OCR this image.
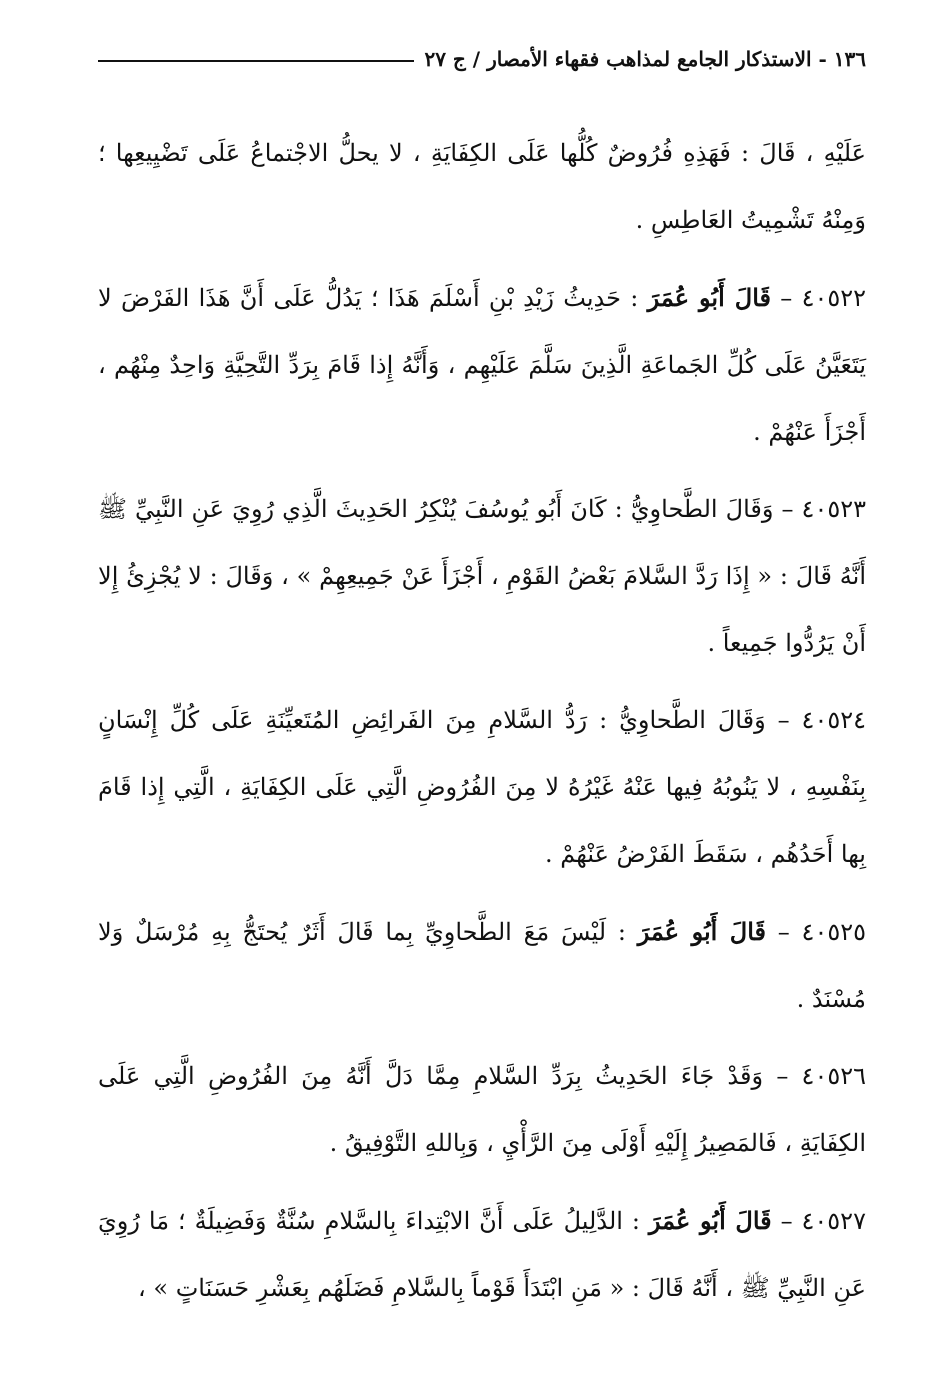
١٣٦ - الاستذكار الجامع لمذاهب فقهاء الأمصار / ج ٢٧

عَلَيْهِ ، قَالَ : فَهَذِهِ فُرُوضٌ كُلُّها عَلَى الكِفَايَةِ ، لا يحلُّ الاجْتماعُ عَلَى تَضْيِيعِها ؛ وَمِنْهُ تَشْمِيتُ العَاطِسِ .

٤٠٥٢٢ – قَالَ أَبُو عُمَرَ : حَدِيثُ زَيْدِ بْنِ أَسْلَمَ هَذَا ؛ يَدُلُّ عَلَى أَنَّ هَذَا الفَرْضَ لا يَتَعَيَّنُ عَلَى كُلِّ الجَماعَةِ الَّذِينَ سَلَّمَ عَلَيْهِم ، وَأَنَّهُ إِذا قَامَ بِرَدِّ التَّحِيَّةِ وَاحِدٌ مِنْهُم ، أَجْزَأَ عَنْهُمْ .

٤٠٥٢٣ – وَقَالَ الطَّحاوِيُّ : كَانَ أَبُو يُوسُفَ يُنْكِرُ الحَدِيثَ الَّذِي رُوِيَ عَنِ النَّبِيِّ ﷺ أَنَّهُ قَالَ : « إِذَا رَدَّ السَّلامَ بَعْضُ القَوْمِ ، أَجْزَأَ عَنْ جَمِيعِهِمْ » ، وَقَالَ : لا يُجْزِئُ إِلا أَنْ يَرُدُّوا جَمِيعاً .

٤٠٥٢٤ – وَقَالَ الطَّحاوِيُّ : رَدُّ السَّلامِ مِنَ الفَرائِضِ المُتَعيِّنَةِ عَلَى كُلِّ إِنْسَانٍ بِنَفْسِهِ ، لا يَنُوبُهُ فِيها عَنْهُ غَيْرُهُ لا مِنَ الفُرُوضِ الَّتِي عَلَى الكِفَايَةِ ، الَّتِي إِذا قَامَ بِها أَحَدُهُم ، سَقَطَ الفَرْضُ عَنْهُمْ .

٤٠٥٢٥ – قَالَ أَبُو عُمَرَ : لَيْسَ مَعَ الطَّحاوِيِّ بِما قَالَ أَثَرٌ يُحتَجُّ بِهِ مُرْسَلٌ وَلا مُسْنَدٌ .

٤٠٥٢٦ – وَقَدْ جَاءَ الحَدِيثُ بِرَدِّ السَّلامِ مِمَّا دَلَّ أَنَّهُ مِنَ الفُرُوضِ الَّتِي عَلَى الكِفَايَةِ ، فَالمَصِيرُ إِلَيْهِ أَوْلَى مِنَ الرَّأْيِ ، وَبِاللهِ التَّوْفِيقُ .

٤٠٥٢٧ – قَالَ أَبُو عُمَرَ : الدَّلِيلُ عَلَى أَنَّ الابْتِداءَ بِالسَّلامِ سُنَّةٌ وَفَضِيلَةٌ ؛ مَا رُوِيَ عَنِ النَّبِيِّ ﷺ ، أَنَّهُ قَالَ : « مَنِ ابْتَدَأَ قَوْماً بِالسَّلامِ فَضَلَهُم بِعَشْرِ حَسَنَاتٍ » ،
